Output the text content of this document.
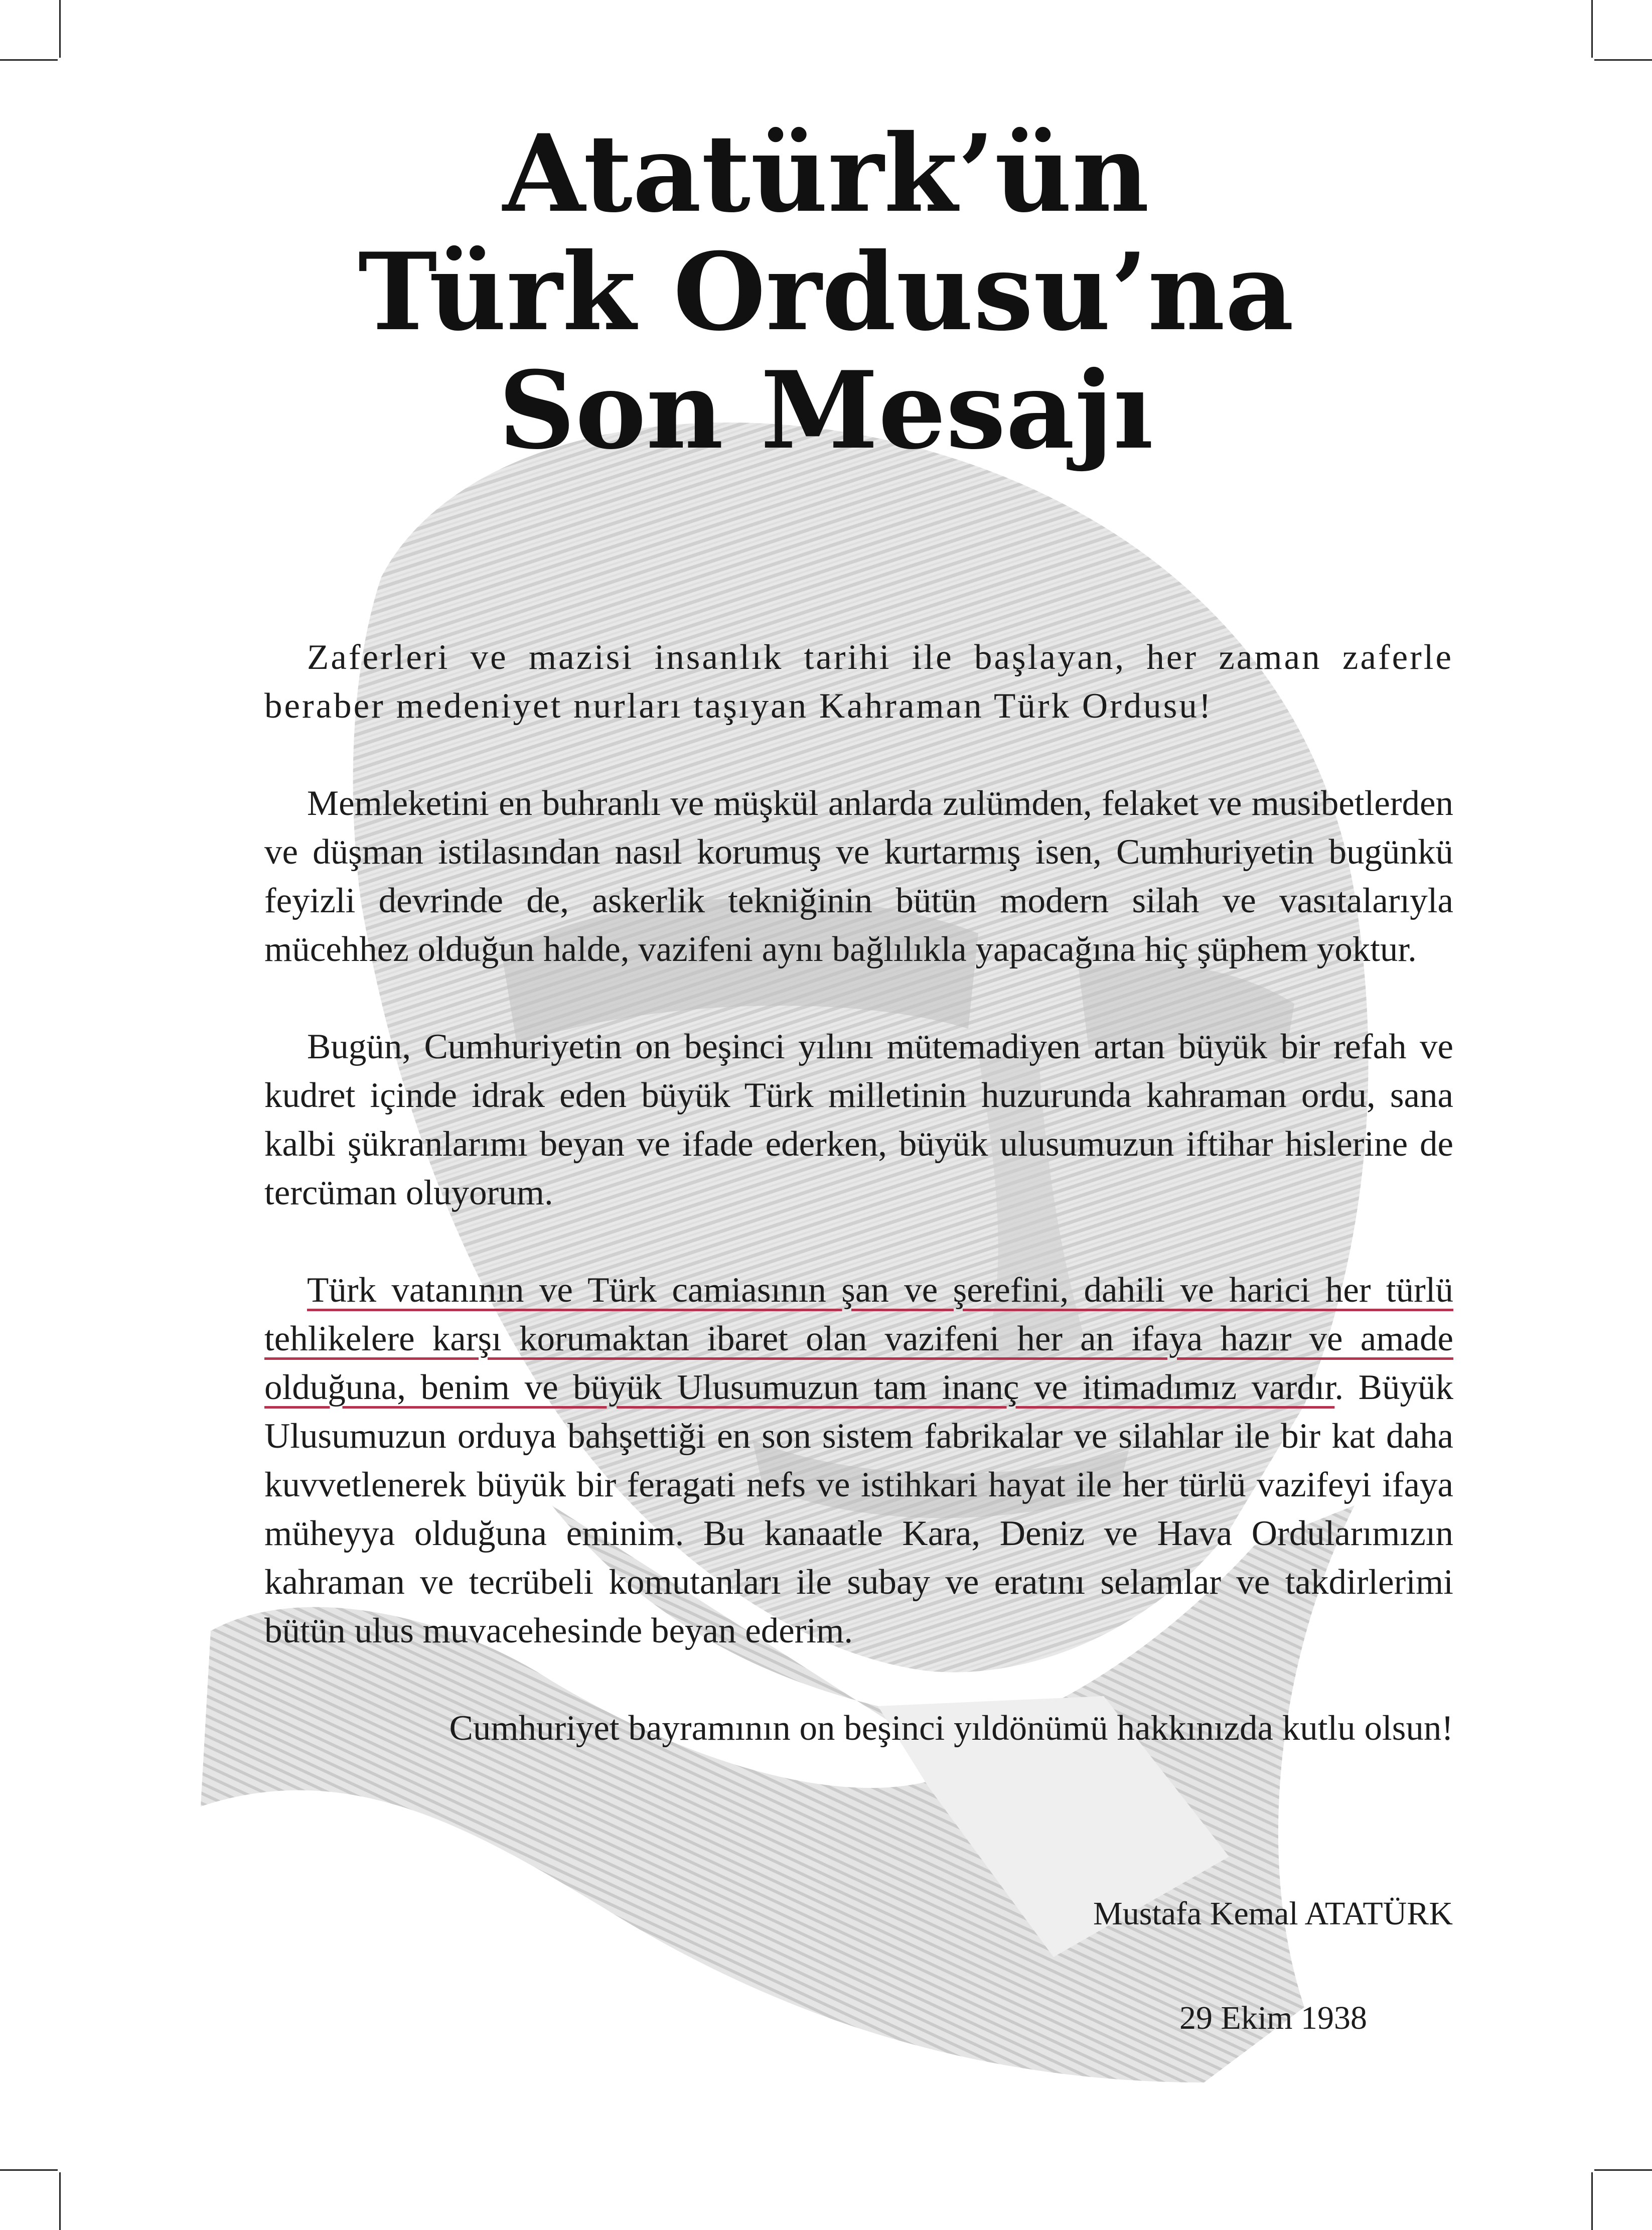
Atatürk’ün
Türk Ordusu’na
Son Mesajı

Zaferleri ve mazisi insanlık tarihi ile başlayan, her zaman zaferle beraber medeniyet nurları taşıyan Kahraman Türk Ordusu!

Memleketini en buhranlı ve müşkül anlarda zulümden, felaket ve musibetlerden ve düşman istilasından nasıl korumuş ve kurtarmış isen, Cumhuriyetin bugünkü feyizli devrinde de, askerlik tekniğinin bütün modern silah ve vasıtalarıyla mücehhez olduğun halde, vazifeni aynı bağlılıkla yapacağına hiç şüphem yoktur.

Bugün, Cumhuriyetin on beşinci yılını mütemadiyen artan büyük bir refah ve kudret içinde idrak eden büyük Türk milletinin huzurunda kahraman ordu, sana kalbi şükranlarımı beyan ve ifade ederken, büyük ulusumuzun iftihar hislerine de tercüman oluyorum.

Türk vatanının ve Türk camiasının şan ve şerefini, dahili ve harici her türlü tehlikelere karşı korumaktan ibaret olan vazifeni her an ifaya hazır ve amade olduğuna, benim ve büyük Ulusumuzun tam inanç ve itimadımız vardır. Büyük Ulusumuzun orduya bahşettiği en son sistem fabrikalar ve silahlar ile bir kat daha kuvvetlenerek büyük bir feragati nefs ve istihkari hayat ile her türlü vazifeyi ifaya müheyya olduğuna eminim. Bu kanaatle Kara, Deniz ve Hava Ordularımızın kahraman ve tecrübeli komutanları ile subay ve eratını selamlar ve takdirlerimi bütün ulus muvacehesinde beyan ederim.

Cumhuriyet bayramının on beşinci yıldönümü hakkınızda kutlu olsun!

Mustafa Kemal ATATÜRK
29 Ekim 1938
